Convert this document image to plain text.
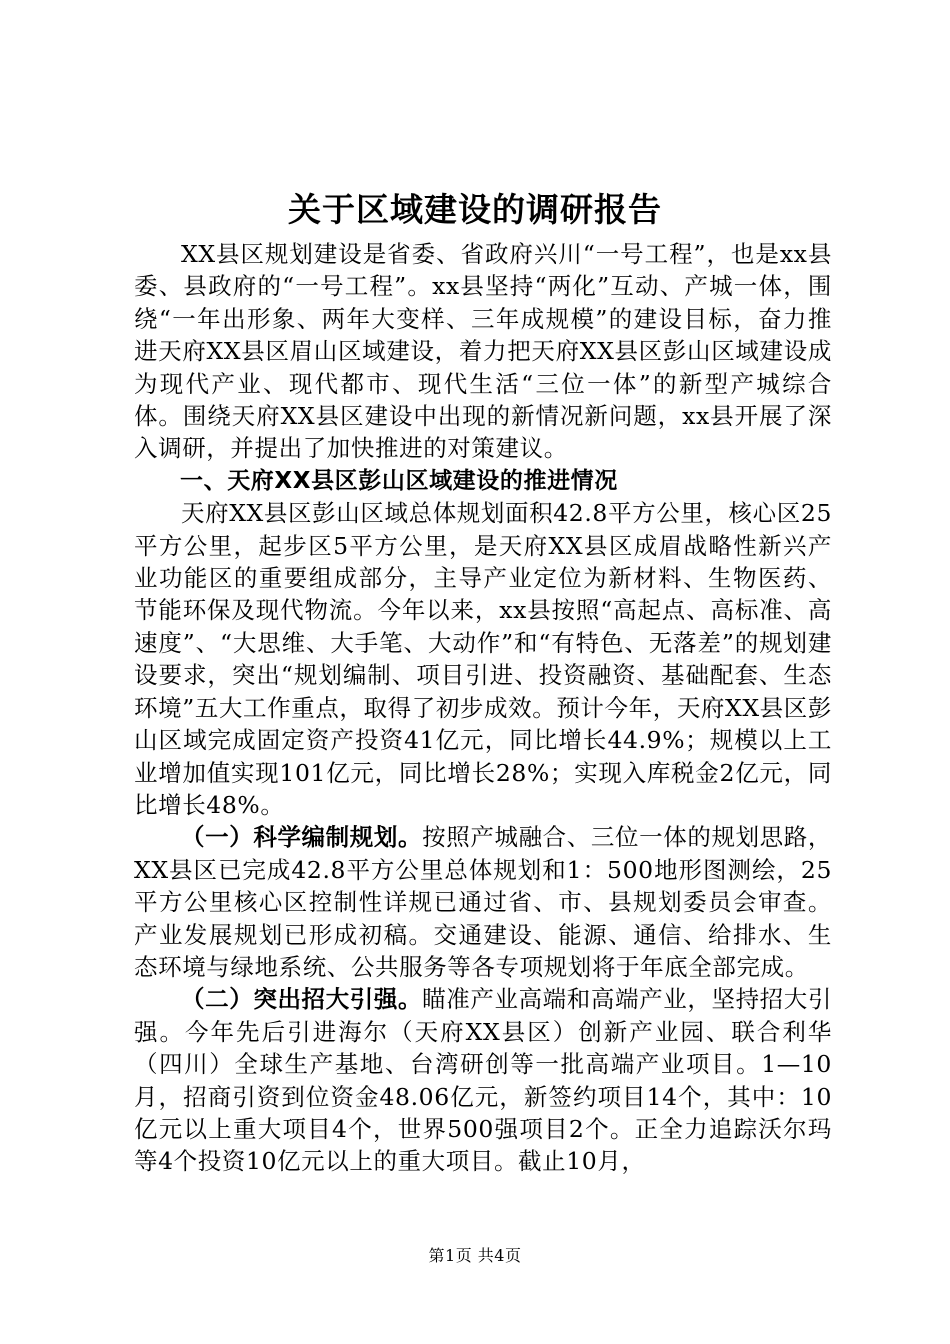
关于区域建设的调研报告

XX县区规划建设是省委、省政府兴川“一号工程”，也是xx县委、县政府的“一号工程”。xx县坚持“两化”互动、产城一体，围绕“一年出形象、两年大变样、三年成规模”的建设目标，奋力推进天府XX县区眉山区域建设，着力把天府XX县区彭山区域建设成为现代产业、现代都市、现代生活“三位一体”的新型产城综合体。围绕天府XX县区建设中出现的新情况新问题，xx县开展了深入调研，并提出了加快推进的对策建议。

一、天府XX县区彭山区域建设的推进情况

天府XX县区彭山区域总体规划面积42.8平方公里，核心区25平方公里，起步区5平方公里，是天府XX县区成眉战略性新兴产业功能区的重要组成部分，主导产业定位为新材料、生物医药、节能环保及现代物流。今年以来，xx县按照“高起点、高标准、高速度”、“大思维、大手笔、大动作”和“有特色、无落差”的规划建设要求，突出“规划编制、项目引进、投资融资、基础配套、生态环境”五大工作重点，取得了初步成效。预计今年，天府XX县区彭山区域完成固定资产投资41亿元，同比增长44.9%；规模以上工业增加值实现101亿元，同比增长28%；实现入库税金2亿元，同比增长48%。

（一）科学编制规划。按照产城融合、三位一体的规划思路，XX县区已完成42.8平方公里总体规划和1：500地形图测绘，25平方公里核心区控制性详规已通过省、市、县规划委员会审查。产业发展规划已形成初稿。交通建设、能源、通信、给排水、生态环境与绿地系统、公共服务等各专项规划将于年底全部完成。

（二）突出招大引强。瞄准产业高端和高端产业，坚持招大引强。今年先后引进海尔（天府XX县区）创新产业园、联合利华（四川）全球生产基地、台湾研创等一批高端产业项目。1—10月，招商引资到位资金48.06亿元，新签约项目14个，其中：10亿元以上重大项目4个，世界500强项目2个。正全力追踪沃尔玛等4个投资10亿元以上的重大项目。截止10月，

第1页 共4页
